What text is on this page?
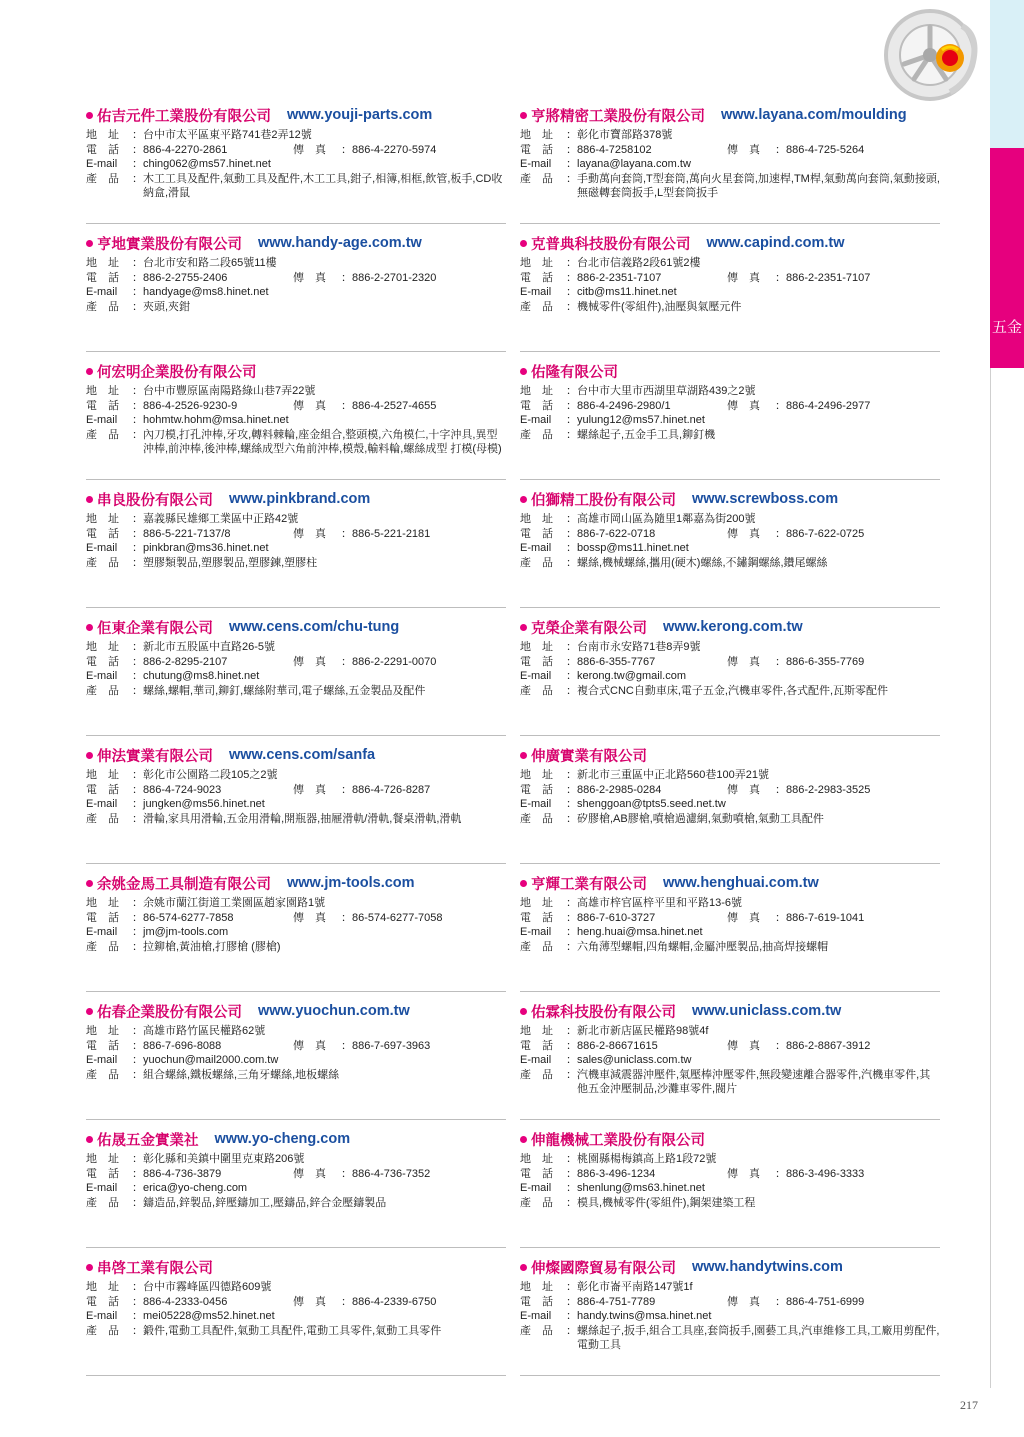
五金
佑吉元件工業股份有限公司 www.youji-parts.com
地　址	： 台中市太平區東平路741巷2弄12號
電　話	： 886-4-2270-2861	傳　真	： 886-4-2270-5974
E-mail	： ching062@ms57.hinet.net
產　品	： 木工工具及配件,氣動工具及配件,木工工具,鉗子,相簿,相框,飲管,板手,CD收納盒,滑鼠
亨將精密工業股份有限公司 www.layana.com/moulding
地　址	： 彰化市寶部路378號
電　話	： 886-4-7258102	傳　真	： 886-4-725-5264
E-mail	： layana@layana.com.tw
產　品	： 手動萬向套筒,T型套筒,萬向火星套筒,加速桿,TM桿,氣動萬向套筒,氣動接頭,無磁轉套筒扳手,L型套筒扳手
亨地實業股份有限公司 www.handy-age.com.tw
地　址	： 台北市安和路二段65號11樓
電　話	： 886-2-2755-2406	傳　真	： 886-2-2701-2320
E-mail	： handyage@ms8.hinet.net
產　品	： 夾頭,夾鉗
克普典科技股份有限公司 www.capind.com.tw
地　址	： 台北市信義路2段61號2樓
電　話	： 886-2-2351-7107	傳　真	： 886-2-2351-7107
E-mail	： citb@ms11.hinet.net
產　品	： 機械零件(零組件),油壓與氣壓元件
何宏明企業股份有限公司
地　址	： 台中市豐原區南陽路綠山巷7弄22號
電　話	： 886-4-2526-9230-9	傳　真	： 886-4-2527-4655
E-mail	： hohmtw.hohm@msa.hinet.net
產　品	： 內刀模,打孔沖棒,牙攻,轉料棘輪,座金組合,整頭模,六角模仁,十字沖具,異型沖棒,前沖棒,後沖棒,螺絲成型六角前沖棒,模殼,輸料輪,螺絲成型 打模(母模)
佑隆有限公司
地　址	： 台中市大里市西湖里草湖路439之2號
電　話	： 886-4-2496-2980/1	傳　真	： 886-4-2496-2977
E-mail	： yulung12@ms57.hinet.net
產　品	： 螺絲起子,五金手工具,鉚釘機
串良股份有限公司 www.pinkbrand.com
地　址	： 嘉義縣民雄鄉工業區中正路42號
電　話	： 886-5-221-7137/8	傳　真	： 886-5-221-2181
E-mail	： pinkbran@ms36.hinet.net
產　品	： 塑膠類製品,塑膠製品,塑膠鍊,塑膠柱
伯獅精工股份有限公司 www.screwboss.com
地　址	： 高雄市岡山區為隨里1鄰嘉為街200號
電　話	： 886-7-622-0718	傳　真	： 886-7-622-0725
E-mail	： bossp@ms11.hinet.net
產　品	： 螺絲,機械螺絲,攜用(硬木)螺絲,不鏽鋼螺絲,鑽尾螺絲
佢東企業有限公司 www.cens.com/chu-tung
地　址	： 新北市五股區中直路26-5號
電　話	： 886-2-8295-2107	傳　真	： 886-2-2291-0070
E-mail	： chutung@ms8.hinet.net
產　品	： 螺絲,螺帽,華司,鉚釘,螺絲附華司,電子螺絲,五金製品及配件
克榮企業有限公司 www.kerong.com.tw
地　址	： 台南市永安路71巷8弄9號
電　話	： 886-6-355-7767	傳　真	： 886-6-355-7769
E-mail	： kerong.tw@gmail.com
產　品	： 複合式CNC自動車床,電子五金,汽機車零件,各式配件,瓦斯零配件
伸法實業有限公司 www.cens.com/sanfa
地　址	： 彰化市公園路二段105之2號
電　話	： 886-4-724-9023	傳　真	： 886-4-726-8287
E-mail	： jungken@ms56.hinet.net
產　品	： 滑輪,家具用滑輪,五金用滑輪,開瓶器,抽屜滑軌/滑軌,餐桌滑軌,滑軌
伸廣實業有限公司
地　址	： 新北市三重區中正北路560巷100弄21號
電　話	： 886-2-2985-0284	傳　真	： 886-2-2983-3525
E-mail	： shenggoan@tpts5.seed.net.tw
產　品	： 矽膠槍,AB膠槍,噴槍過濾網,氣動噴槍,氣動工具配件
余姚金馬工具制造有限公司 www.jm-tools.com
地　址	： 余姚市蘭江街道工業園區趙家園路1號
電　話	： 86-574-6277-7858	傳　真	： 86-574-6277-7058
E-mail	： jm@jm-tools.com
產　品	： 拉鉚槍,黃油槍,打膠槍 (膠槍)
亨輝工業有限公司 www.henghuai.com.tw
地　址	： 高雄市梓官區梓平里和平路13-6號
電　話	： 886-7-610-3727	傳　真	： 886-7-619-1041
E-mail	： heng.huai@msa.hinet.net
產　品	： 六角薄型螺帽,四角螺帽,金屬沖壓製品,抽高焊接螺帽
佑春企業股份有限公司 www.yuochun.com.tw
地　址	： 高雄市路竹區民權路62號
電　話	： 886-7-696-8088	傳　真	： 886-7-697-3963
E-mail	： yuochun@mail2000.com.tw
產　品	： 組合螺絲,鐵板螺絲,三角牙螺絲,地板螺絲
佑霖科技股份有限公司 www.uniclass.com.tw
地　址	： 新北市新店區民權路98號4f
電　話	： 886-2-86671615	傳　真	： 886-2-8867-3912
E-mail	： sales@uniclass.com.tw
產　品	： 汽機車減震器沖壓件,氣壓棒沖壓零件,無段變速離合器零件,汽機車零件,其他五金沖壓制品,沙灘車零件,閥片
佑晟五金實業社 www.yo-cheng.com
地　址	： 彰化縣和美鎮中圍里克東路206號
電　話	： 886-4-736-3879	傳　真	： 886-4-736-7352
E-mail	： erica@yo-cheng.com
產　品	： 鑄造品,鋅製品,鋅壓鑄加工,壓鑄品,鋅合金壓鑄製品
伸龍機械工業股份有限公司
地　址	： 桃園縣楊梅鎮高上路1段72號
電　話	： 886-3-496-1234	傳　真	： 886-3-496-3333
E-mail	： shenlung@ms63.hinet.net
產　品	： 模具,機械零件(零組件),鋼架建築工程
串啓工業有限公司
地　址	： 台中市霧峰區四德路609號
電　話	： 886-4-2333-0456	傳　真	： 886-4-2339-6750
E-mail	： mei05228@ms52.hinet.net
產　品	： 鍛件,電動工具配件,氣動工具配件,電動工具零件,氣動工具零件
伸燦國際貿易有限公司 www.handytwins.com
地　址	： 彰化市崙平南路147號1f
電　話	： 886-4-751-7789	傳　真	： 886-4-751-6999
E-mail	： handy.twins@msa.hinet.net
產　品	： 螺絲起子,扳手,組合工具座,套筒扳手,園藝工具,汽車維修工具,工廠用剪配件,電動工具
217
